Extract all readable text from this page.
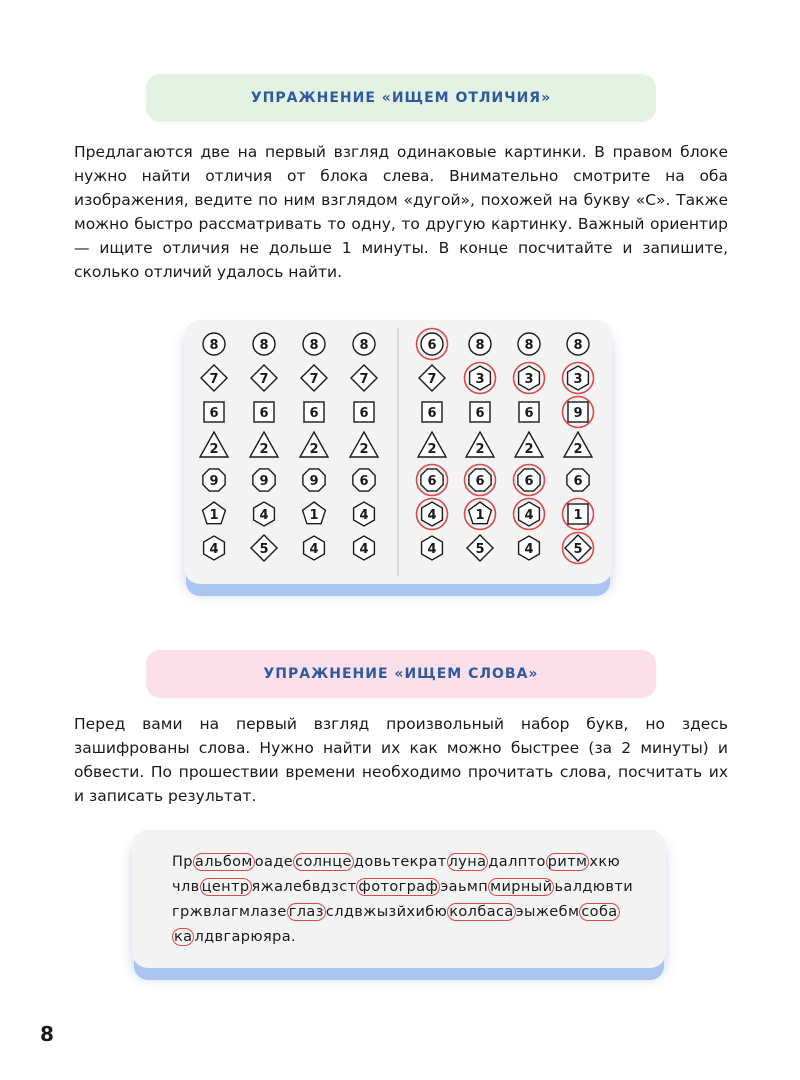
УПРАЖНЕНИЕ «ИЩЕМ ОТЛИЧИЯ»

Предлагаются две на первый взгляд одинаковые картинки. В правом блоке нужно найти отличия от блока слева. Внимательно смотрите на оба изображения, ведите по ним взглядом «дугой», похожей на букву «С». Также можно быстро рассматривать то одну, то другую картинку. Важный ориентир — ищите отличия не дольше 1 минуты. В конце посчитайте и запишите, сколько отличий удалось найти.

8	8	8	8
7	7	7	7
6	6	6	6
2	2	2	2
9	9	9	6
1	4	1	4
4	5	4	4
6	8	8	8
7	3	3	3
6	6	6	9
2	2	2	2
6	6	6	6
4	1	4	1
4	5	4	5
УПРАЖНЕНИЕ «ИЩЕМ СЛОВА»

Перед вами на первый взгляд произвольный набор букв, но здесь зашифрованы слова. Нужно найти их как можно быстрее (за 2 минуты) и обвести. По прошествии времени необходимо прочитать слова, посчитать их и записать результат.

Пр альбом оаде солнце довьтекрат луна далпто ритм хкю
члв центр яжалебвдзст фотограф эаьмп мирный ьалдювти
гржвлагмлазе глаз слдвжызйхибю колбаса эыжебм соба
ка лдвгарюяра.
8
